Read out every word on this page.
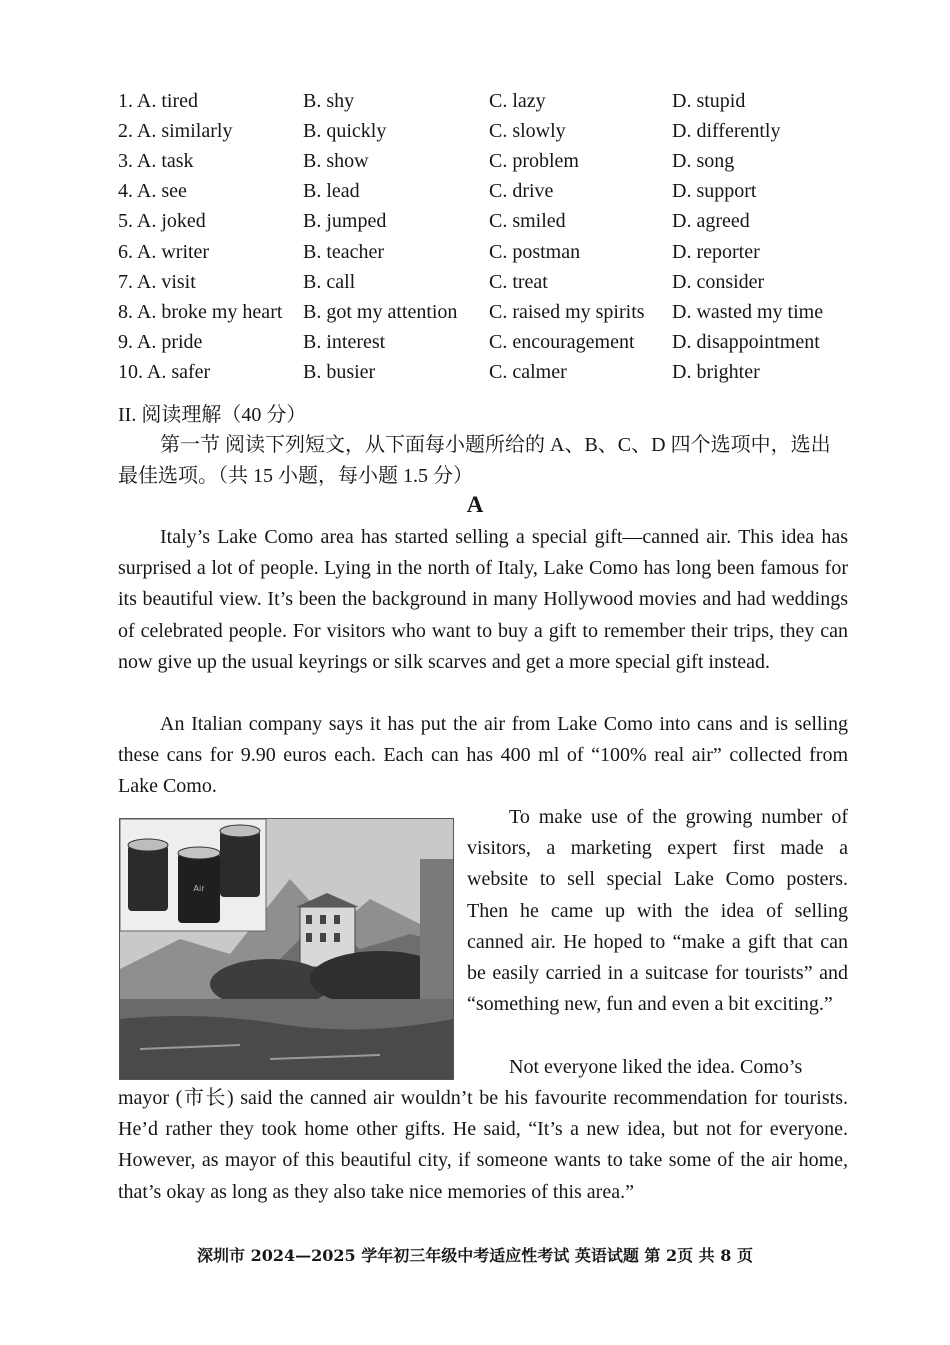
1. A. tired	B. shy	C. lazy	D. stupid
2. A. similarly	B. quickly	C. slowly	D. differently
3. A. task	B. show	C. problem	D. song
4. A. see	B. lead	C. drive	D. support
5. A. joked	B. jumped	C. smiled	D. agreed
6. A. writer	B. teacher	C. postman	D. reporter
7. A. visit	B. call	C. treat	D. consider
8. A. broke my heart	B. got my attention	C. raised my spirits	D. wasted my time
9. A. pride	B. interest	C. encouragement	D. disappointment
10. A. safer	B. busier	C. calmer	D. brighter
II. 阅读理解（40 分）
第一节 阅读下列短文，从下面每小题所给的 A、B、C、D 四个选项中，选出最佳选项。（共 15 小题，每小题 1.5 分）
A
Italy’s Lake Como area has started selling a special gift—canned air. This idea has surprised a lot of people. Lying in the north of Italy, Lake Como has long been famous for its beautiful view. It’s been the background in many Hollywood movies and had weddings of celebrated people. For visitors who want to buy a gift to remember their trips, they can now give up the usual keyrings or silk scarves and get a more special gift instead.
An Italian company says it has put the air from Lake Como into cans and is selling these cans for 9.90 euros each. Each can has 400 ml of “100% real air” collected from Lake Como.
Air
To make use of the growing number of visitors, a marketing expert first made a website to sell special Lake Como posters. Then he came up with the idea of selling canned air. He hoped to “make a gift that can be easily carried in a suitcase for tourists” and “something new, fun and even a bit exciting.”
Not everyone liked the idea. Como’s
mayor (市长) said the canned air wouldn’t be his favourite recommendation for tourists. He’d rather they took home other gifts. He said, “It’s a new idea, but not for everyone. However, as mayor of this beautiful city, if someone wants to take some of the air home, that’s okay as long as they also take nice memories of this area.”
深圳市 2024—2025 学年初三年级中考适应性考试 英语试题 第 2页 共 8 页
